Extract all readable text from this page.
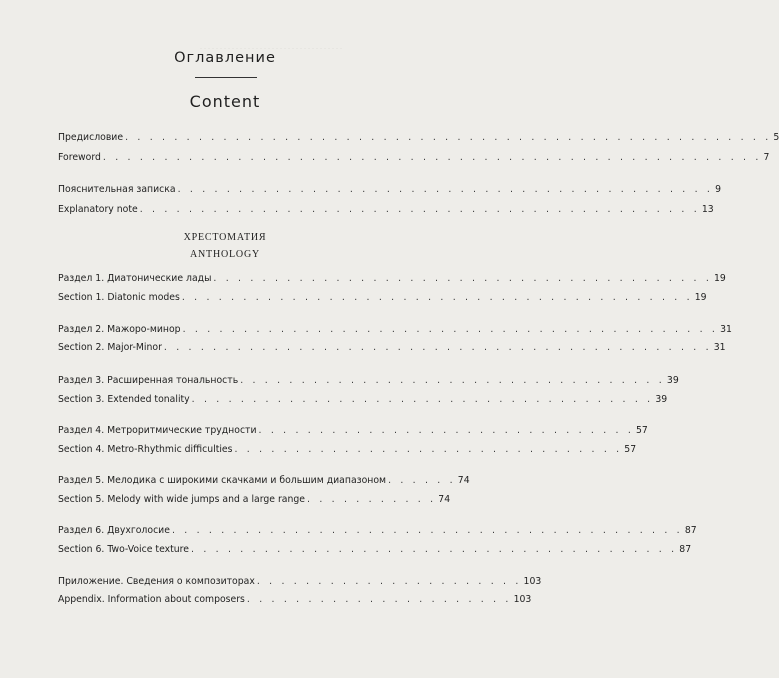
. . . . . . . . . . . . . . . . . . . . . . . . . . . . . . . . . . . .
Оглавление
Content
Предисловие . . . . . . . . . . . . . . . . . . . . . . . . . . . . . . . . . . . . . . . . . . . . . . . . . . . . . 5
Foreword . . . . . . . . . . . . . . . . . . . . . . . . . . . . . . . . . . . . . . . . . . . . . . . . . . . . . . 7
Пояснительная записка . . . . . . . . . . . . . . . . . . . . . . . . . . . . . . . . . . . . . . . . . . . . 9
Explanatory note . . . . . . . . . . . . . . . . . . . . . . . . . . . . . . . . . . . . . . . . . . . . . . 13
ХРЕСТОМАТИЯ
ANTHOLOGY
Раздел 1. Диатонические лады . . . . . . . . . . . . . . . . . . . . . . . . . . . . . . . . . . . . . . . . . 19
Section 1. Diatonic modes . . . . . . . . . . . . . . . . . . . . . . . . . . . . . . . . . . . . . . . . . . 19
Раздел 2. Мажоро-минор . . . . . . . . . . . . . . . . . . . . . . . . . . . . . . . . . . . . . . . . . . . . 31
Section 2. Major-Minor . . . . . . . . . . . . . . . . . . . . . . . . . . . . . . . . . . . . . . . . . . . . . 31
Раздел 3. Расширенная тональность . . . . . . . . . . . . . . . . . . . . . . . . . . . . . . . . . . . 39
Section 3. Extended tonality . . . . . . . . . . . . . . . . . . . . . . . . . . . . . . . . . . . . . . 39
Раздел 4. Метроритмические трудности . . . . . . . . . . . . . . . . . . . . . . . . . . . . . . . 57
Section 4. Metro-Rhythmic difficulties . . . . . . . . . . . . . . . . . . . . . . . . . . . . . . . . 57
Раздел 5. Мелодика с широкими скачками и большим диапазоном . . . . . . 74
Section 5. Melody with wide jumps and a large range . . . . . . . . . . . 74
Раздел 6. Двухголосие . . . . . . . . . . . . . . . . . . . . . . . . . . . . . . . . . . . . . . . . . . 87
Section 6. Two-Voice texture . . . . . . . . . . . . . . . . . . . . . . . . . . . . . . . . . . . . . . . . 87
Приложение. Сведения о композиторах . . . . . . . . . . . . . . . . . . . . . . 103
Appendix. Information about composers . . . . . . . . . . . . . . . . . . . . . . 103
